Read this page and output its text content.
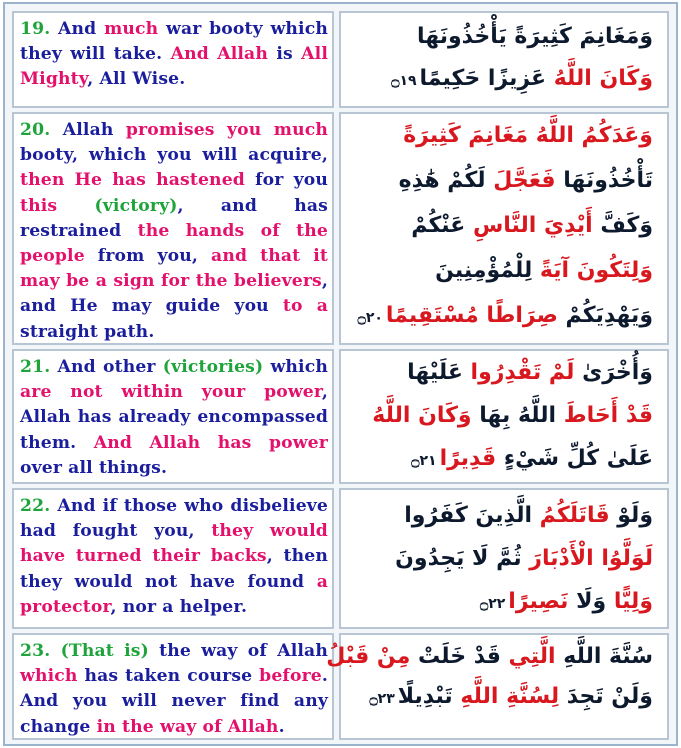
19. And much war booty which they will take. And Allah is All Mighty, All Wise.

وَمَغَانِمَ كَثِيرَةً يَأْخُذُونَهَا
وَكَانَ اللَّهُ عَزِيزًا حَكِيمًا۝١٩

20. Allah promises you much booty, which you will acquire, then He has hastened for you this (victory), and has restrained the hands of the people from you, and that it may be a sign for the believers, and He may guide you to a straight path.

وَعَدَكُمُ اللَّهُ مَغَانِمَ كَثِيرَةً
تَأْخُذُونَهَا فَعَجَّلَ لَكُمْ هَٰذِهِ
وَكَفَّ أَيْدِيَ النَّاسِ عَنْكُمْ
وَلِتَكُونَ آيَةً لِلْمُؤْمِنِينَ
وَيَهْدِيَكُمْ صِرَاطًا مُسْتَقِيمًا۝٢٠

21. And other (victories) which are not within your power, Allah has already encompassed them. And Allah has power over all things.

وَأُخْرَىٰ لَمْ تَقْدِرُوا عَلَيْهَا
قَدْ أَحَاطَ اللَّهُ بِهَا وَكَانَ اللَّهُ
عَلَىٰ كُلِّ شَيْءٍ قَدِيرًا۝٢١

22. And if those who disbelieve had fought you, they would have turned their backs, then they would not have found a protector, nor a helper.

وَلَوْ قَاتَلَكُمُ الَّذِينَ كَفَرُوا
لَوَلَّوُا الْأَدْبَارَ ثُمَّ لَا يَجِدُونَ
وَلِيًّا وَلَا نَصِيرًا۝٢٢

23. (That is) the way of Allah which has taken course before. And you will never find any change in the way of Allah.

سُنَّةَ اللَّهِ الَّتِي قَدْ خَلَتْ مِنْ قَبْلُ
وَلَنْ تَجِدَ لِسُنَّةِ اللَّهِ تَبْدِيلًا۝٢٣
